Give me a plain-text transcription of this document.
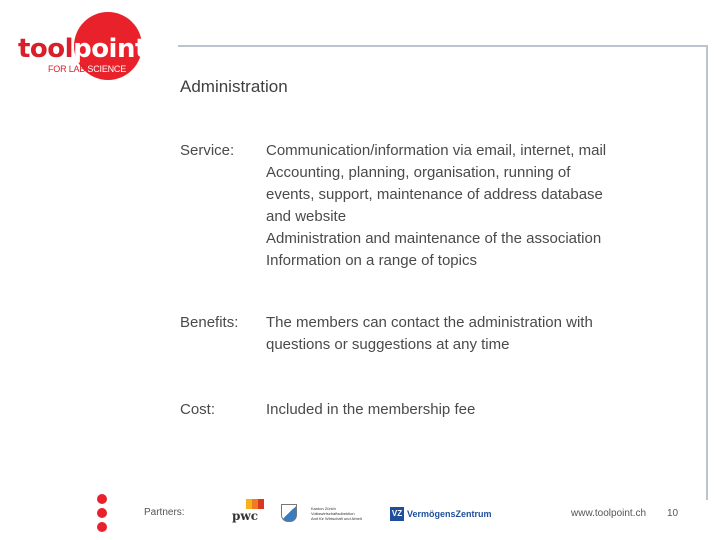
toolpoint
FOR LAB SCIENCE
Administration
Service:	Communication/information via email, internet, mail
Accounting, planning, organisation, running of
events, support, maintenance of address database
and website
Administration and maintenance of the association
Information on a range of topics
Benefits:	The members can contact the administration with
questions or suggestions at any time
Cost:	Included in the membership fee
Partners:	pwc
Kanton Zürich
Volkswirtschaftsdirektion
Amt für Wirtschaft und Arbeit
VZ VermögensZentrum	www.toolpoint.ch 10
